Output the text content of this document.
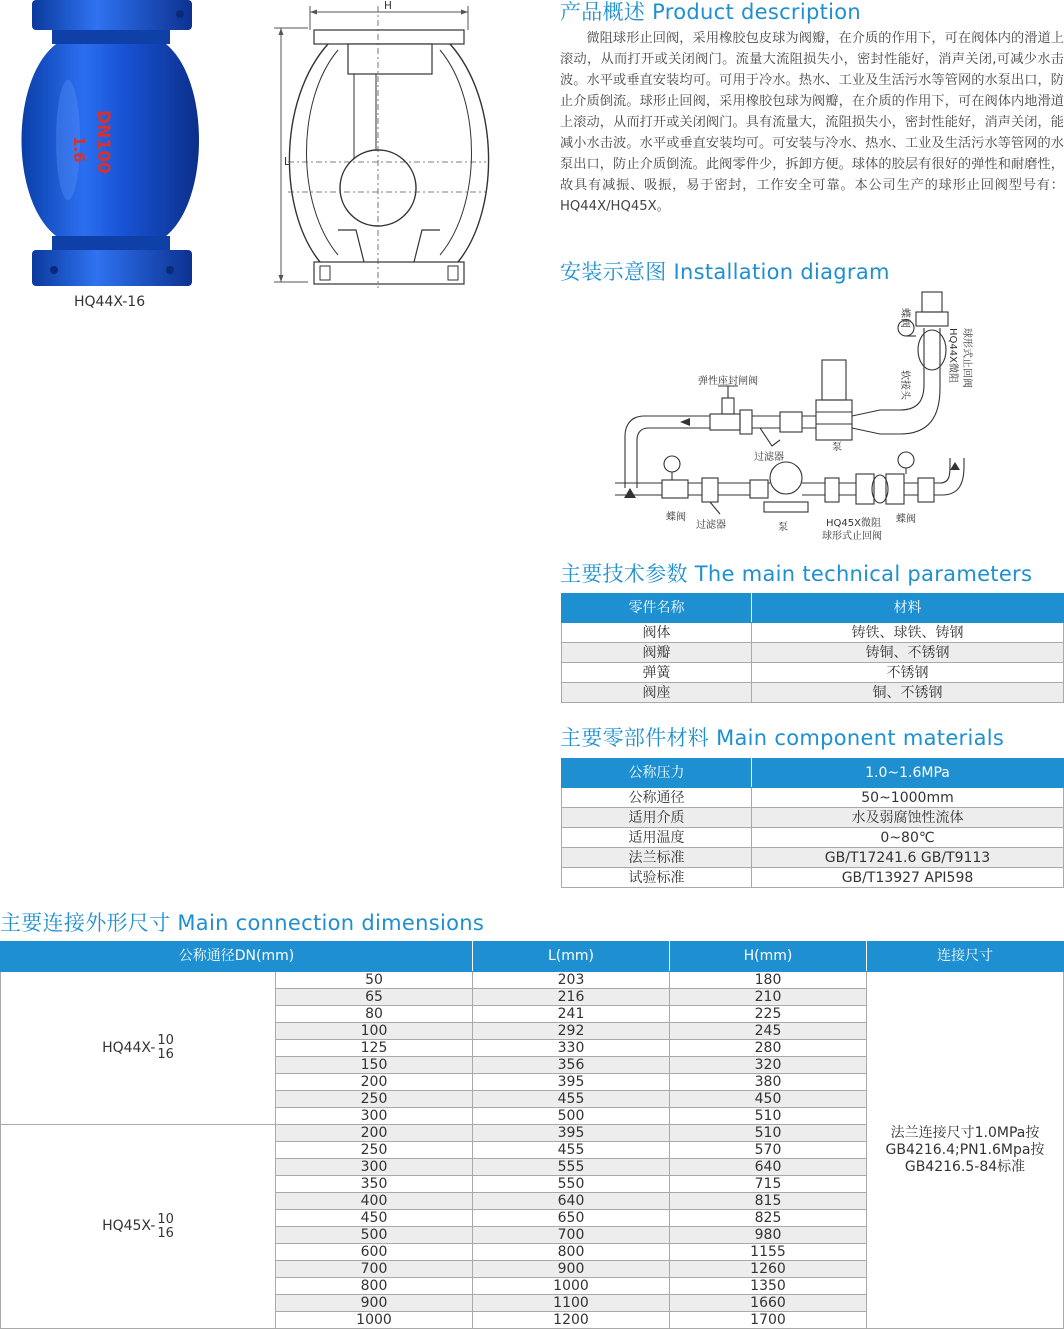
DN100
1.6
HQ44X-16
H
L
产品概述 Product description
微阻球形止回阀，采用橡胶包皮球为阀瓣，在介质的作用下，可在阀体内的滑道上滚动，从而打开或关闭阀门。流量大流阻损失小，密封性能好，消声关闭,可减少水击波。水平或垂直安装均可。可用于冷水。热水、工业及生活污水等管网的水泵出口，防止介质倒流。球形止回阀，采用橡胶包球为阀瓣，在介质的作用下，可在阀体内地滑道上滚动，从而打开或关闭阀门。具有流量大，流阻损失小，密封性能好，消声关闭，能减小水击波。水平或垂直安装均可。可安装与冷水、热水、工业及生活污水等管网的水泵出口，防止介质倒流。此阀零件少，拆卸方便。球体的胶层有很好的弹性和耐磨性，故具有减振、吸振，易于密封，工作安全可靠。本公司生产的球形止回阀型号有：HQ44X/HQ45X。
安装示意图 Installation diagram
弹性座封闸阀
过滤器
泵
HQ45X微阻
球形式止回阀
蝶阀
过滤器	泵
蝶阀
蝶阀
软接头
HQ44X微阻 球形式止回阀
主要技术参数 The main technical parameters
零件名称	材料
阀体	铸铁、球铁、铸钢
阀瓣	铸铜、不锈钢
弹簧	不锈钢
阀座	铜、不锈钢
主要零部件材料 Main component materials
公称压力	1.0~1.6MPa
公称通径	50~1000mm
适用介质	水及弱腐蚀性流体
适用温度	0~80℃
法兰标准	GB/T17241.6 GB/T9113
试验标准	GB/T13927 API598
主要连接外形尺寸 Main connection dimensions
公称通径DN(mm)		L(mm)	H(mm)	连接尺寸

HQ44X- 10
16	50	203	180	法兰连接尺寸1.0MPa按GB4216.4;PN1.6Mpa按GB4216.5-84标准
	65	216	210	
	80	241	225	
	100	292	245	
	125	330	280	
	150	356	320	
	200	395	380	
	250	455	450	
	300	500	510	

HQ45X- 10
16	200	395	510	
	250	455	570	
	300	555	640	
	350	550	715	
	400	640	815	
	450	650	825	
	500	700	980	
	600	800	1155	
	700	900	1260	
	800	1000	1350	
	900	1100	1660	
	1000	1200	1700	
